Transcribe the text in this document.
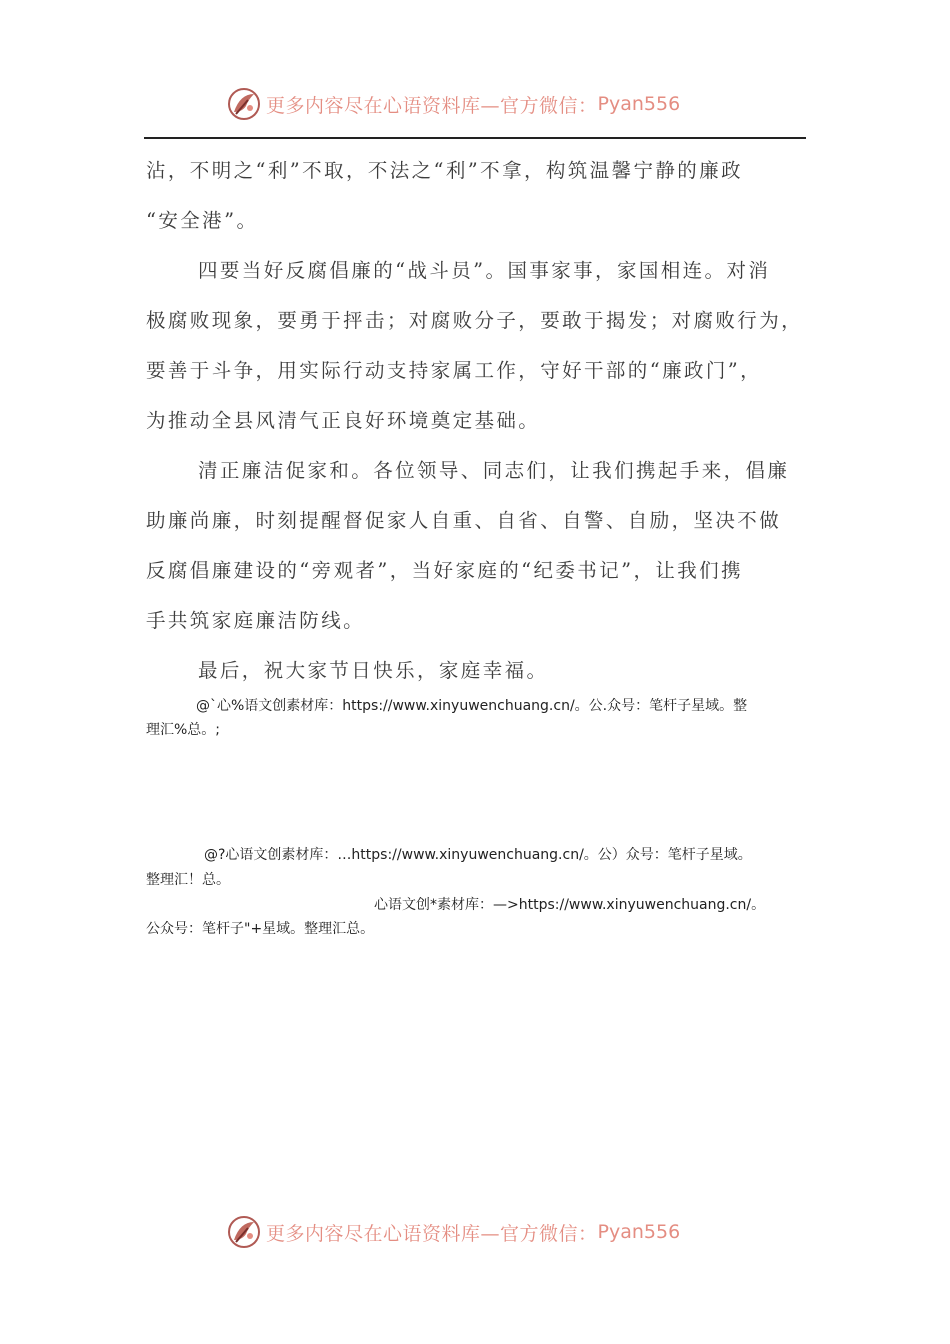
更多内容尽在心语资料库—官方微信： Pyan556
沾，不明之“利”不取，不法之“利”不拿，构筑温馨宁静的廉政
“安全港”。
四要当好反腐倡廉的“战斗员”。国事家事，家国相连。对消
极腐败现象，要勇于抨击；对腐败分子，要敢于揭发；对腐败行为，
要善于斗争，用实际行动支持家属工作，守好干部的“廉政门”，
为推动全县风清气正良好环境奠定基础。
清正廉洁促家和。各位领导、同志们，让我们携起手来，倡廉
助廉尚廉，时刻提醒督促家人自重、自省、自警、自励，坚决不做
反腐倡廉建设的“旁观者”，当好家庭的“纪委书记”，让我们携
手共筑家庭廉洁防线。
最后，祝大家节日快乐，家庭幸福。
@`心%语文创素材库：https://www.xinyuwenchuang.cn/。公.众号：笔杆子星域。整
理汇%总。;
@?心语文创素材库：…https://www.xinyuwenchuang.cn/。公）众号：笔杆子星域。
整理汇！总。
心语文创*素材库：—>https://www.xinyuwenchuang.cn/。
公众号：笔杆子"+星域。整理汇总。
更多内容尽在心语资料库—官方微信： Pyan556
